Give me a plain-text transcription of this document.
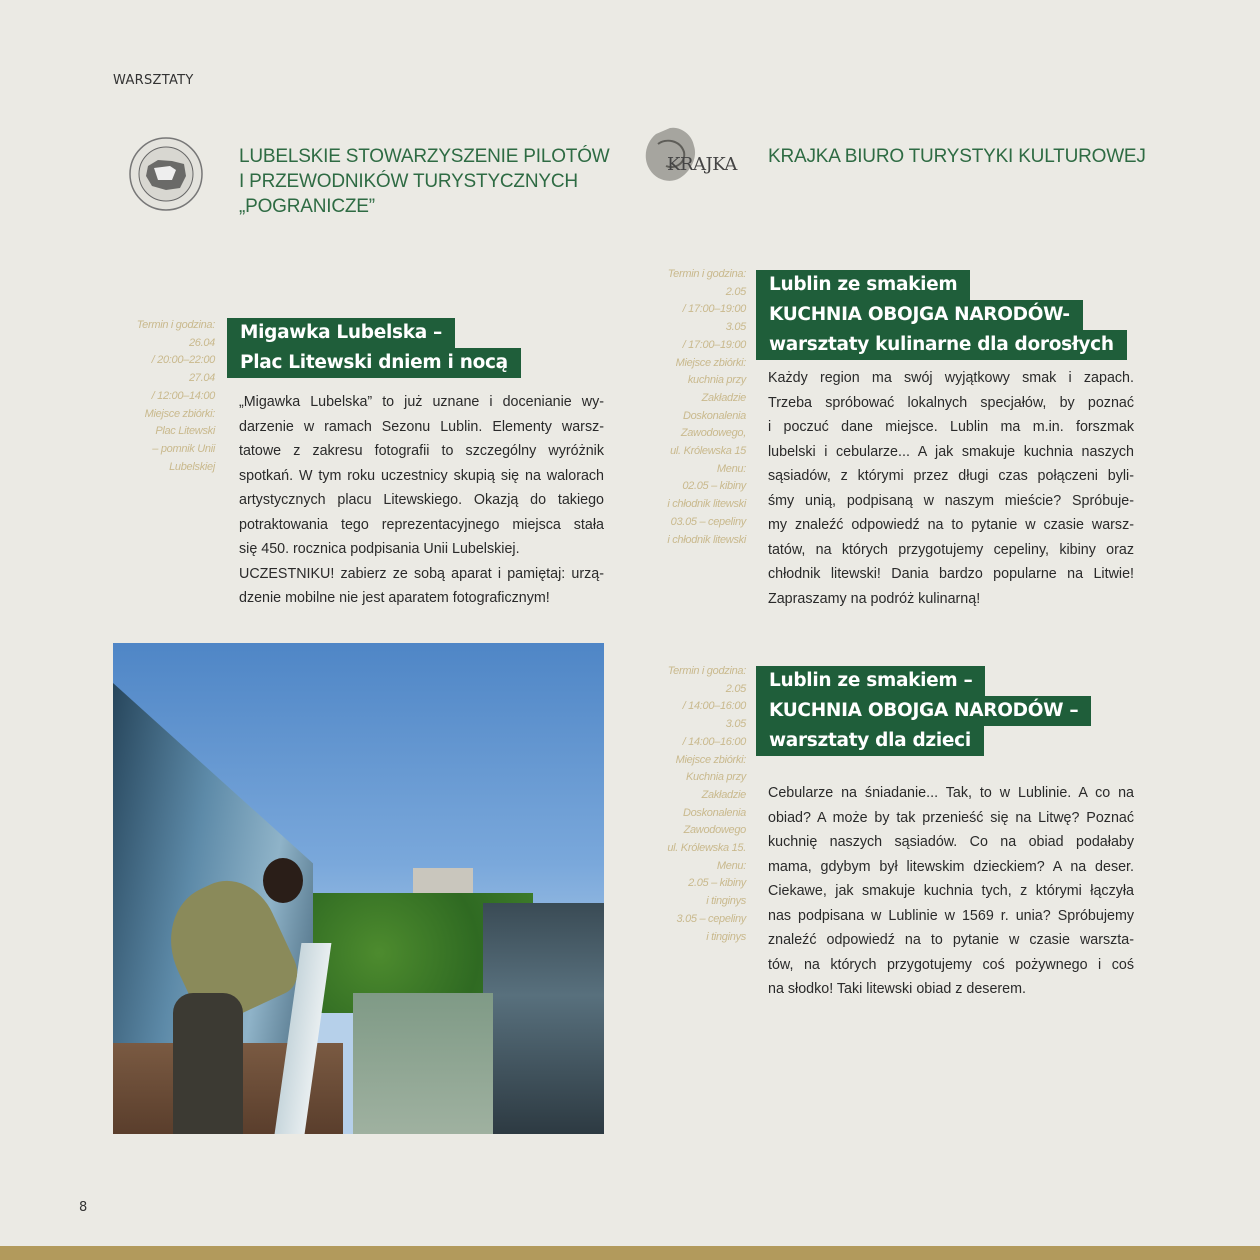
WARSZTATY
LUBELSKIE STOWARZYSZENIE PILOTÓW
I PRZEWODNIKÓW TURYSTYCZNYCH
„POGRANICZE”
KRAJKA KRAJKA BIURO TURYSTYKI KULTUROWEJ
Termin i godzina:
26.04
/ 20:00–22:00
27.04
/ 12:00–14:00
Miejsce zbiórki:
Plac Litewski
– pomnik Unii
Lubelskiej
Migawka Lubelska –
Plac Litewski dniem i nocą
„Migawka Lubelska” to już uznane i docenianie wy-
darzenie w ramach Sezonu Lublin. Elementy warsz-
tatowe z zakresu fotografii to szczególny wyróżnik
spotkań. W tym roku uczestnicy skupią się na walorach
artystycznych placu Litewskiego. Okazją do takiego
potraktowania tego reprezentacyjnego miejsca stała
się 450. rocznica podpisania Unii Lubelskiej.
UCZESTNIKU! zabierz ze sobą aparat i pamiętaj: urzą-
dzenie mobilne nie jest aparatem fotograficznym!
Termin i godzina:
2.05
/ 17:00–19:00
3.05
/ 17:00–19:00
Miejsce zbiórki:
kuchnia przy
Zakładzie
Doskonalenia
Zawodowego,
ul. Królewska 15
Menu:
02.05 – kibiny
i chłodnik litewski
03.05 – cepeliny
i chłodnik litewski
Lublin ze smakiem
KUCHNIA OBOJGA NARODÓW-
warsztaty kulinarne dla dorosłych
Każdy region ma swój wyjątkowy smak i zapach.
Trzeba spróbować lokalnych specjałów, by poznać
i poczuć dane miejsce. Lublin ma m.in. forszmak
lubelski i cebularze... A jak smakuje kuchnia naszych
sąsiadów, z którymi przez długi czas połączeni byli-
śmy unią, podpisaną w naszym mieście? Spróbuje-
my znaleźć odpowiedź na to pytanie w czasie warsz-
tatów, na których przygotujemy cepeliny, kibiny oraz
chłodnik litewski! Dania bardzo popularne na Litwie!
Zapraszamy na podróż kulinarną!
Termin i godzina:
2.05
/ 14:00–16:00
3.05
/ 14:00–16:00
Miejsce zbiórki:
Kuchnia przy
Zakładzie
Doskonalenia
Zawodowego
ul. Królewska 15.
Menu:
2.05 – kibiny
i tinginys
3.05 – cepeliny
i tinginys
Lublin ze smakiem –
KUCHNIA OBOJGA NARODÓW –
warsztaty dla dzieci
Cebularze na śniadanie... Tak, to w Lublinie. A co na
obiad? A może by tak przenieść się na Litwę? Poznać
kuchnię naszych sąsiadów. Co na obiad podałaby
mama, gdybym był litewskim dzieckiem? A na deser.
Ciekawe, jak smakuje kuchnia tych, z którymi łączyła
nas podpisana w Lublinie w 1569 r. unia? Spróbujemy
znaleźć odpowiedź na to pytanie w czasie warszta-
tów, na których przygotujemy coś pożywnego i coś
na słodko! Taki litewski obiad z deserem.
8
